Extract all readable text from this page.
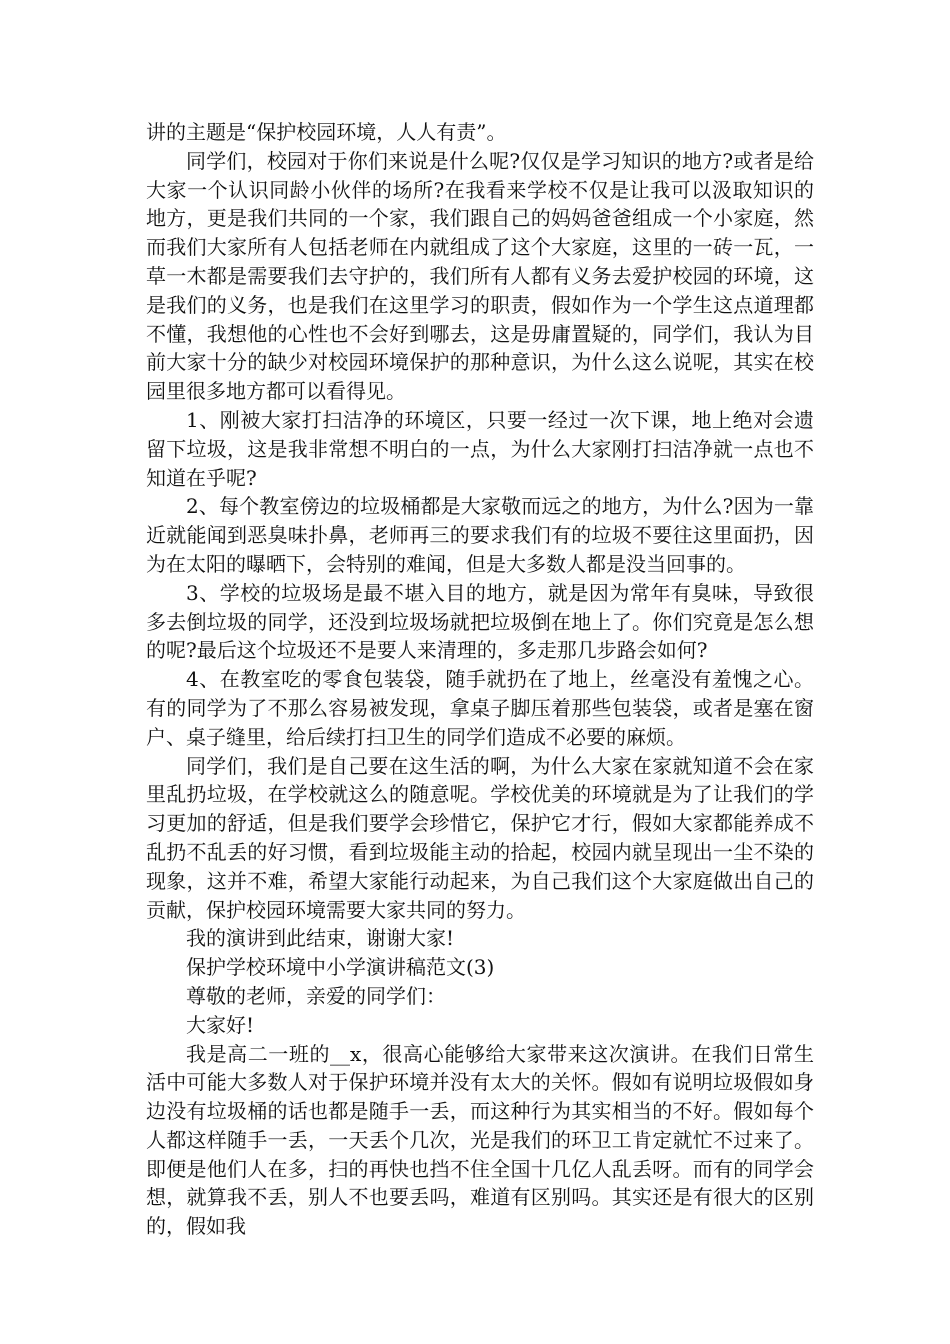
讲的主题是“保护校园环境，人人有责”。

同学们，校园对于你们来说是什么呢?仅仅是学习知识的地方?或者是给大家一个认识同龄小伙伴的场所?在我看来学校不仅是让我可以汲取知识的地方，更是我们共同的一个家，我们跟自己的妈妈爸爸组成一个小家庭，然而我们大家所有人包括老师在内就组成了这个大家庭，这里的一砖一瓦，一草一木都是需要我们去守护的，我们所有人都有义务去爱护校园的环境，这是我们的义务，也是我们在这里学习的职责，假如作为一个学生这点道理都不懂，我想他的心性也不会好到哪去，这是毋庸置疑的，同学们，我认为目前大家十分的缺少对校园环境保护的那种意识，为什么这么说呢，其实在校园里很多地方都可以看得见。

1、刚被大家打扫洁净的环境区，只要一经过一次下课，地上绝对会遗留下垃圾，这是我非常想不明白的一点，为什么大家刚打扫洁净就一点也不知道在乎呢?

2、每个教室傍边的垃圾桶都是大家敬而远之的地方，为什么?因为一靠近就能闻到恶臭味扑鼻，老师再三的要求我们有的垃圾不要往这里面扔，因为在太阳的曝晒下，会特别的难闻，但是大多数人都是没当回事的。

3、学校的垃圾场是最不堪入目的地方，就是因为常年有臭味，导致很多去倒垃圾的同学，还没到垃圾场就把垃圾倒在地上了。你们究竟是怎么想的呢?最后这个垃圾还不是要人来清理的，多走那几步路会如何?

4、在教室吃的零食包装袋，随手就扔在了地上，丝毫没有羞愧之心。有的同学为了不那么容易被发现，拿桌子脚压着那些包装袋，或者是塞在窗户、桌子缝里，给后续打扫卫生的同学们造成不必要的麻烦。

同学们，我们是自己要在这生活的啊，为什么大家在家就知道不会在家里乱扔垃圾，在学校就这么的随意呢。学校优美的环境就是为了让我们的学习更加的舒适，但是我们要学会珍惜它，保护它才行，假如大家都能养成不乱扔不乱丢的好习惯，看到垃圾能主动的拾起，校园内就呈现出一尘不染的现象，这并不难，希望大家能行动起来，为自己我们这个大家庭做出自己的贡献，保护校园环境需要大家共同的努力。

我的演讲到此结束，谢谢大家!

保护学校环境中小学演讲稿范文(3)

尊敬的老师，亲爱的同学们：

大家好!

我是高二一班的__x，很高心能够给大家带来这次演讲。在我们日常生活中可能大多数人对于保护环境并没有太大的关怀。假如有说明垃圾假如身边没有垃圾桶的话也都是随手一丢，而这种行为其实相当的不好。假如每个人都这样随手一丢，一天丢个几次，光是我们的环卫工肯定就忙不过来了。即便是他们人在多，扫的再快也挡不住全国十几亿人乱丢呀。而有的同学会想，就算我不丢，别人不也要丢吗，难道有区别吗。其实还是有很大的区别的，假如我
